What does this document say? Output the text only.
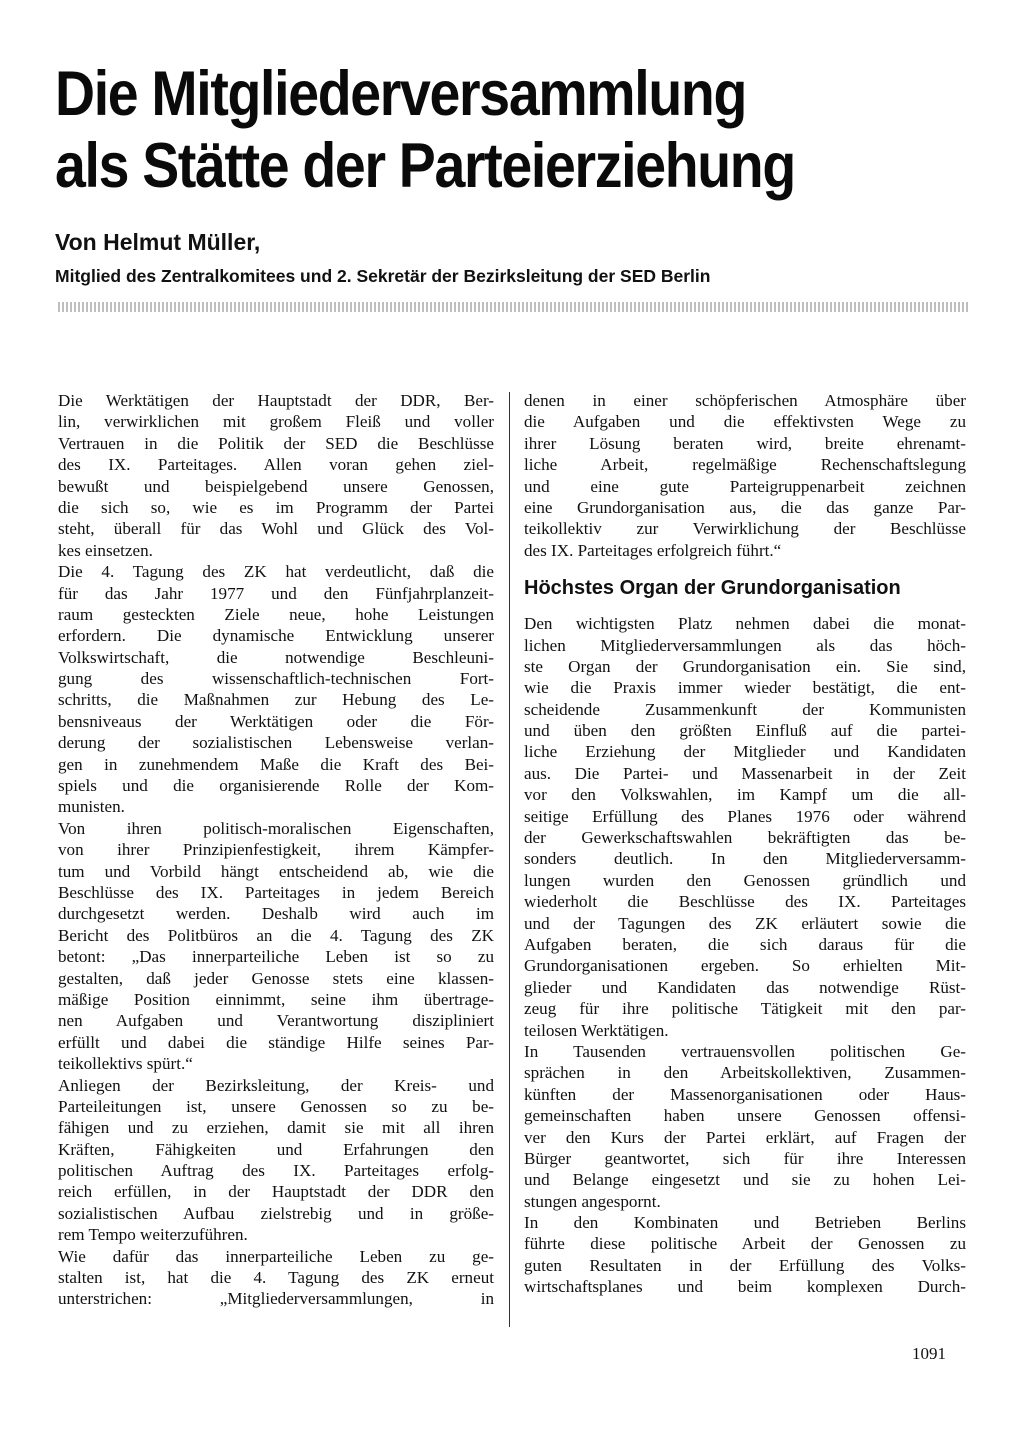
Die Mitgliederversammlung
als Stätte der Parteierziehung
Von Helmut Müller,
Mitglied des Zentralkomitees und 2. Sekretär der Bezirksleitung der SED Berlin
Die Werktätigen der Hauptstadt der DDR, Ber-
lin, verwirklichen mit großem Fleiß und voller
Vertrauen in die Politik der SED die Beschlüsse
des IX. Parteitages. Allen voran gehen ziel-
bewußt und beispielgebend unsere Genossen,
die sich so, wie es im Programm der Partei
steht, überall für das Wohl und Glück des Vol-
kes einsetzen.
Die 4. Tagung des ZK hat verdeutlicht, daß die
für das Jahr 1977 und den Fünfjahrplanzeit-
raum gesteckten Ziele neue, hohe Leistungen
erfordern. Die dynamische Entwicklung unserer
Volkswirtschaft, die notwendige Beschleuni-
gung des wissenschaftlich-technischen Fort-
schritts, die Maßnahmen zur Hebung des Le-
bensniveaus der Werktätigen oder die För-
derung der sozialistischen Lebensweise verlan-
gen in zunehmendem Maße die Kraft des Bei-
spiels und die organisierende Rolle der Kom-
munisten.
Von ihren politisch-moralischen Eigenschaften,
von ihrer Prinzipienfestigkeit, ihrem Kämpfer-
tum und Vorbild hängt entscheidend ab, wie die
Beschlüsse des IX. Parteitages in jedem Bereich
durchgesetzt werden. Deshalb wird auch im
Bericht des Politbüros an die 4. Tagung des ZK
betont: „Das innerparteiliche Leben ist so zu
gestalten, daß jeder Genosse stets eine klassen-
mäßige Position einnimmt, seine ihm übertrage-
nen Aufgaben und Verantwortung diszipliniert
erfüllt und dabei die ständige Hilfe seines Par-
teikollektivs spürt.“
Anliegen der Bezirksleitung, der Kreis- und
Parteileitungen ist, unsere Genossen so zu be-
fähigen und zu erziehen, damit sie mit all ihren
Kräften, Fähigkeiten und Erfahrungen den
politischen Auftrag des IX. Parteitages erfolg-
reich erfüllen, in der Hauptstadt der DDR den
sozialistischen Aufbau zielstrebig und in größe-
rem Tempo weiterzuführen.
Wie dafür das innerparteiliche Leben zu ge-
stalten ist, hat die 4. Tagung des ZK erneut
unterstrichen: „Mitgliederversammlungen, in
denen in einer schöpferischen Atmosphäre über
die Aufgaben und die effektivsten Wege zu
ihrer Lösung beraten wird, breite ehrenamt-
liche Arbeit, regelmäßige Rechenschaftslegung
und eine gute Parteigruppenarbeit zeichnen
eine Grundorganisation aus, die das ganze Par-
teikollektiv zur Verwirklichung der Beschlüsse
des IX. Parteitages erfolgreich führt.“
Höchstes Organ der Grundorganisation
Den wichtigsten Platz nehmen dabei die monat-
lichen Mitgliederversammlungen als das höch-
ste Organ der Grundorganisation ein. Sie sind,
wie die Praxis immer wieder bestätigt, die ent-
scheidende Zusammenkunft der Kommunisten
und üben den größten Einfluß auf die partei-
liche Erziehung der Mitglieder und Kandidaten
aus. Die Partei- und Massenarbeit in der Zeit
vor den Volkswahlen, im Kampf um die all-
seitige Erfüllung des Planes 1976 oder während
der Gewerkschaftswahlen bekräftigten das be-
sonders deutlich. In den Mitgliederversamm-
lungen wurden den Genossen gründlich und
wiederholt die Beschlüsse des IX. Parteitages
und der Tagungen des ZK erläutert sowie die
Aufgaben beraten, die sich daraus für die
Grundorganisationen ergeben. So erhielten Mit-
glieder und Kandidaten das notwendige Rüst-
zeug für ihre politische Tätigkeit mit den par-
teilosen Werktätigen.
In Tausenden vertrauensvollen politischen Ge-
sprächen in den Arbeitskollektiven, Zusammen-
künften der Massenorganisationen oder Haus-
gemeinschaften haben unsere Genossen offensi-
ver den Kurs der Partei erklärt, auf Fragen der
Bürger geantwortet, sich für ihre Interessen
und Belange eingesetzt und sie zu hohen Lei-
stungen angespornt.
In den Kombinaten und Betrieben Berlins
führte diese politische Arbeit der Genossen zu
guten Resultaten in der Erfüllung des Volks-
wirtschaftsplanes und beim komplexen Durch-
1091
